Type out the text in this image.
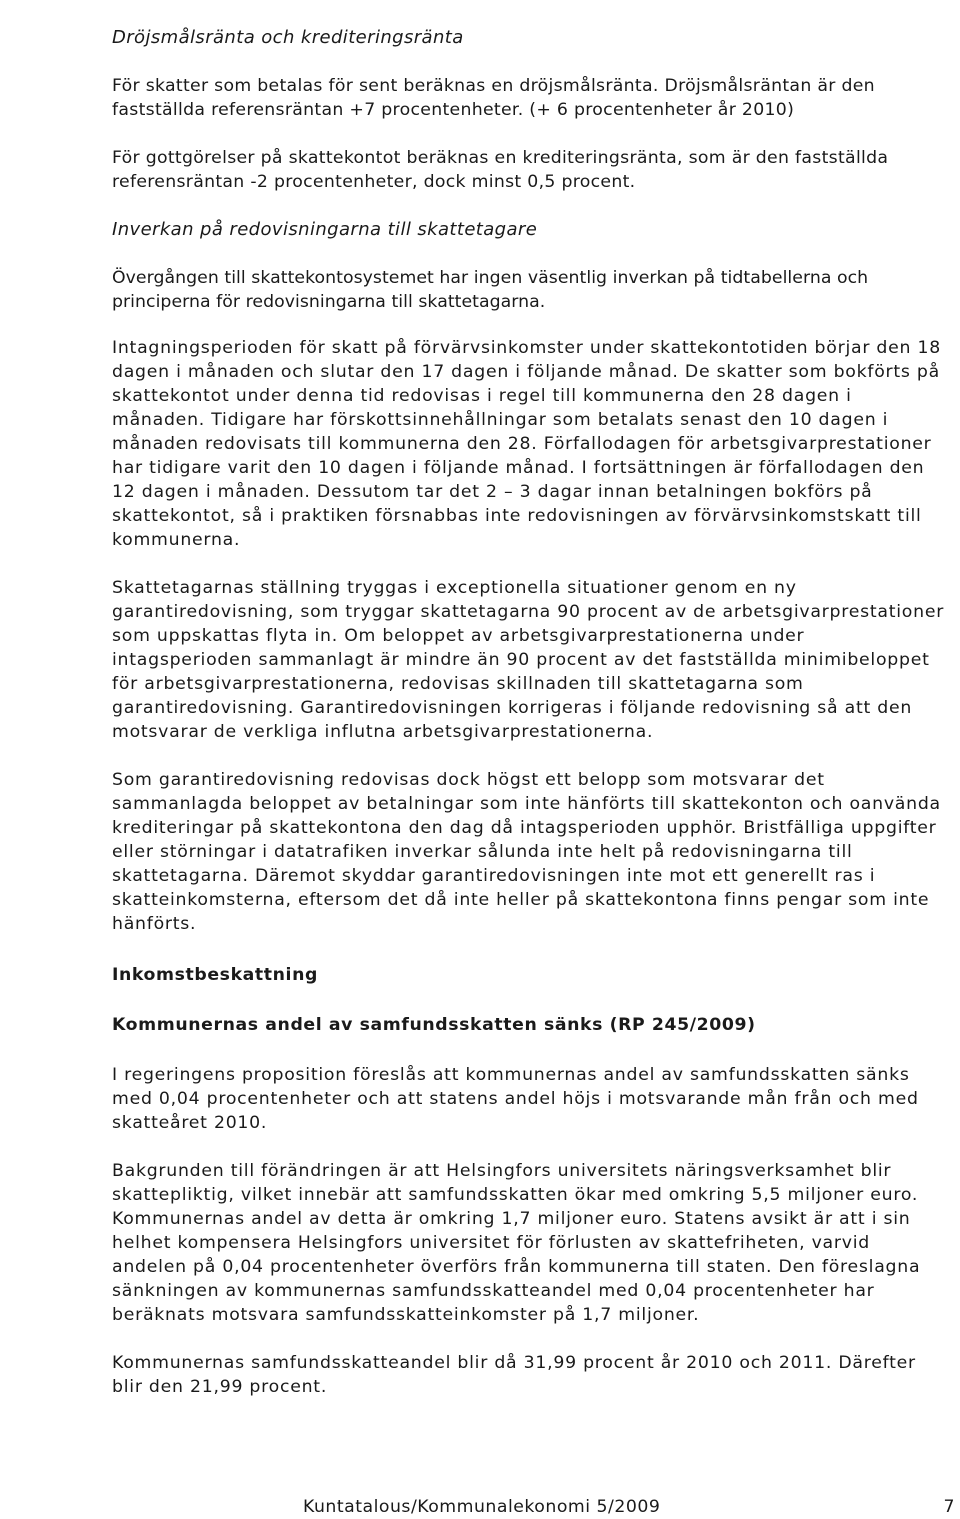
Dröjsmålsränta och krediteringsränta

För skatter som betalas för sent beräknas en dröjsmålsränta. Dröjsmålsräntan är den fastställda referensräntan +7 procentenheter. (+ 6 procentenheter år 2010)

För gottgörelser på skattekontot beräknas en krediteringsränta, som är den fastställda referensräntan -2 procentenheter, dock minst 0,5 procent.

Inverkan på redovisningarna till skattetagare

Övergången till skattekontosystemet har ingen väsentlig inverkan på tidtabellerna och principerna för redovisningarna till skattetagarna.

Intagningsperioden för skatt på förvärvsinkomster under skattekontotiden börjar den 18 dagen i månaden och slutar den 17 dagen i följande månad. De skatter som bokförts på skattekontot under denna tid redovisas i regel till kommunerna den 28 dagen i månaden. Tidigare har förskottsinnehållningar som betalats senast den 10 dagen i månaden redovisats till kommunerna den 28. Förfallodagen för arbetsgivarprestationer har tidigare varit den 10 dagen i följande månad. I fortsättningen är förfallodagen den 12 dagen i månaden. Dessutom tar det 2 – 3 dagar innan betalningen bokförs på skattekontot, så i praktiken försnabbas inte redovisningen av förvärvsinkomstskatt till kommunerna.

Skattetagarnas ställning tryggas i exceptionella situationer genom en ny garantiredovisning, som tryggar skattetagarna 90 procent av de arbetsgivarprestationer som uppskattas flyta in. Om beloppet av arbetsgivarprestationerna under intagsperioden sammanlagt är mindre än 90 procent av det fastställda minimibeloppet för arbetsgivarprestationerna, redovisas skillnaden till skattetagarna som garantiredovisning. Garantiredovisningen korrigeras i följande redovisning så att den motsvarar de verkliga influtna arbetsgivarprestationerna.

Som garantiredovisning redovisas dock högst ett belopp som motsvarar det sammanlagda beloppet av betalningar som inte hänförts till skattekonton och oanvända krediteringar på skattekontona den dag då intagsperioden upphör. Bristfälliga uppgifter eller störningar i datatrafiken inverkar sålunda inte helt på redovisningarna till skattetagarna. Däremot skyddar garantiredovisningen inte mot ett generellt ras i skatteinkomsterna, eftersom det då inte heller på skattekontona finns pengar som inte hänförts.

Inkomstbeskattning

Kommunernas andel av samfundsskatten sänks (RP 245/2009)

I regeringens proposition föreslås att kommunernas andel av samfundsskatten sänks med 0,04 procentenheter och att statens andel höjs i motsvarande mån från och med skatteåret 2010.

Bakgrunden till förändringen är att Helsingfors universitets näringsverksamhet blir skattepliktig, vilket innebär att samfundsskatten ökar med omkring 5,5 miljoner euro. Kommunernas andel av detta är omkring 1,7 miljoner euro. Statens avsikt är att i sin helhet kompensera Helsingfors universitet för förlusten av skattefriheten, varvid andelen på 0,04 procentenheter överförs från kommunerna till staten. Den föreslagna sänkningen av kommunernas samfundsskatteandel med 0,04 procentenheter har beräknats motsvara samfundsskatteinkomster på 1,7 miljoner.

Kommunernas samfundsskatteandel blir då 31,99 procent år 2010 och 2011. Därefter blir den 21,99 procent.

Kuntatalous/Kommunalekonomi 5/2009	7
